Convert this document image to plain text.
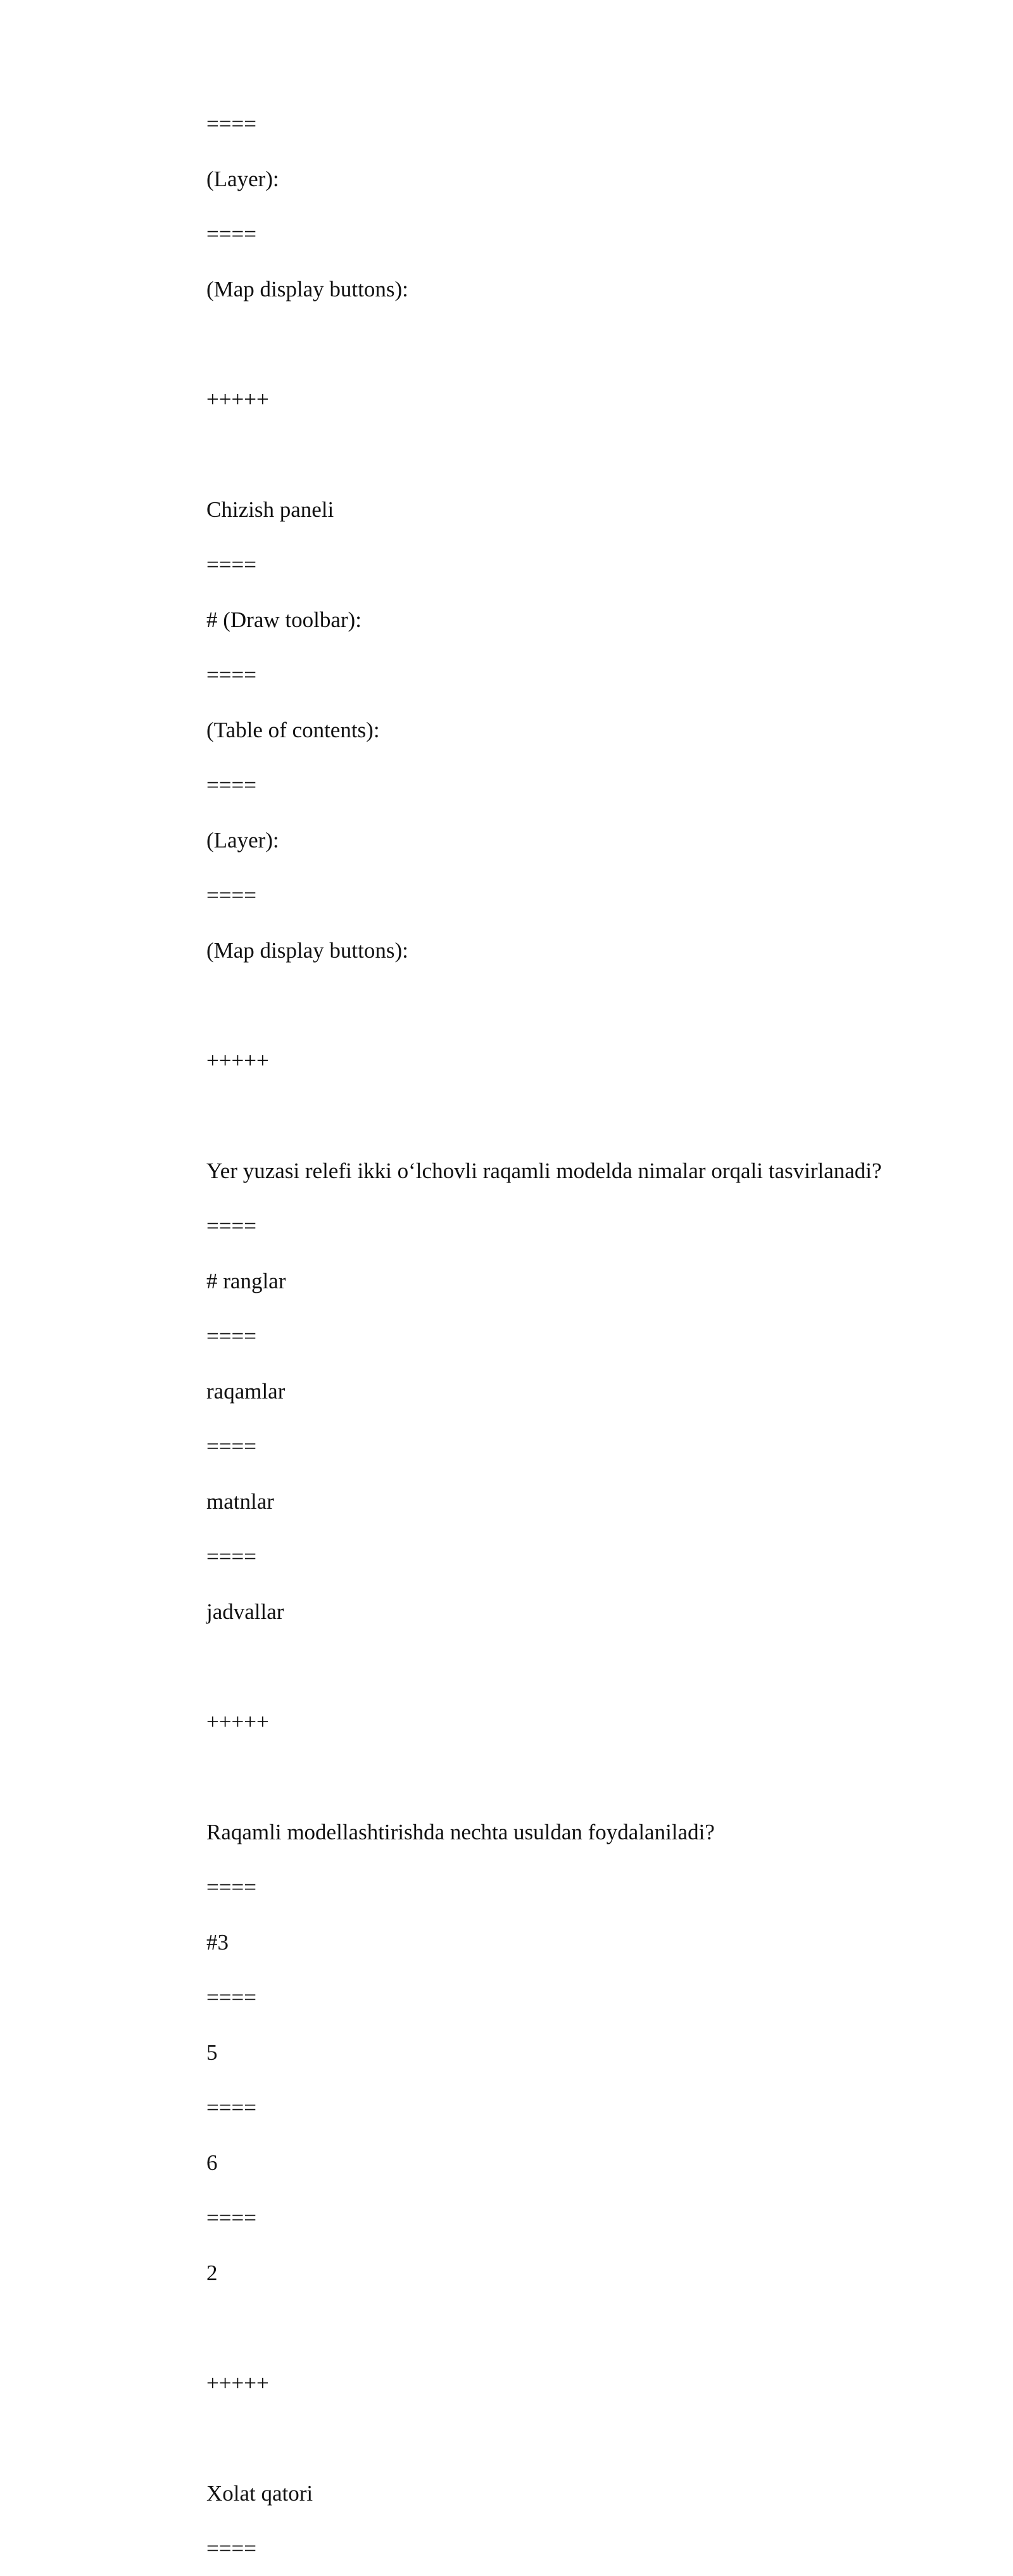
====
(Layer):
====
(Map display buttons):
+++++
Chizish paneli
====
# (Draw toolbar):
====
(Table of contents):
====
(Layer):
====
(Map display buttons):
+++++
Yer yuzasi relefi ikki o‘lchovli raqamli modelda nimalar orqali tasvirlanadi?
====
# ranglar
====
raqamlar
====
matnlar
====
jadvallar
+++++
Raqamli modellashtirishda nechta usuldan foydalaniladi?
====
#3
====
5
====
6
====
2
+++++
Xolat qatori
====
